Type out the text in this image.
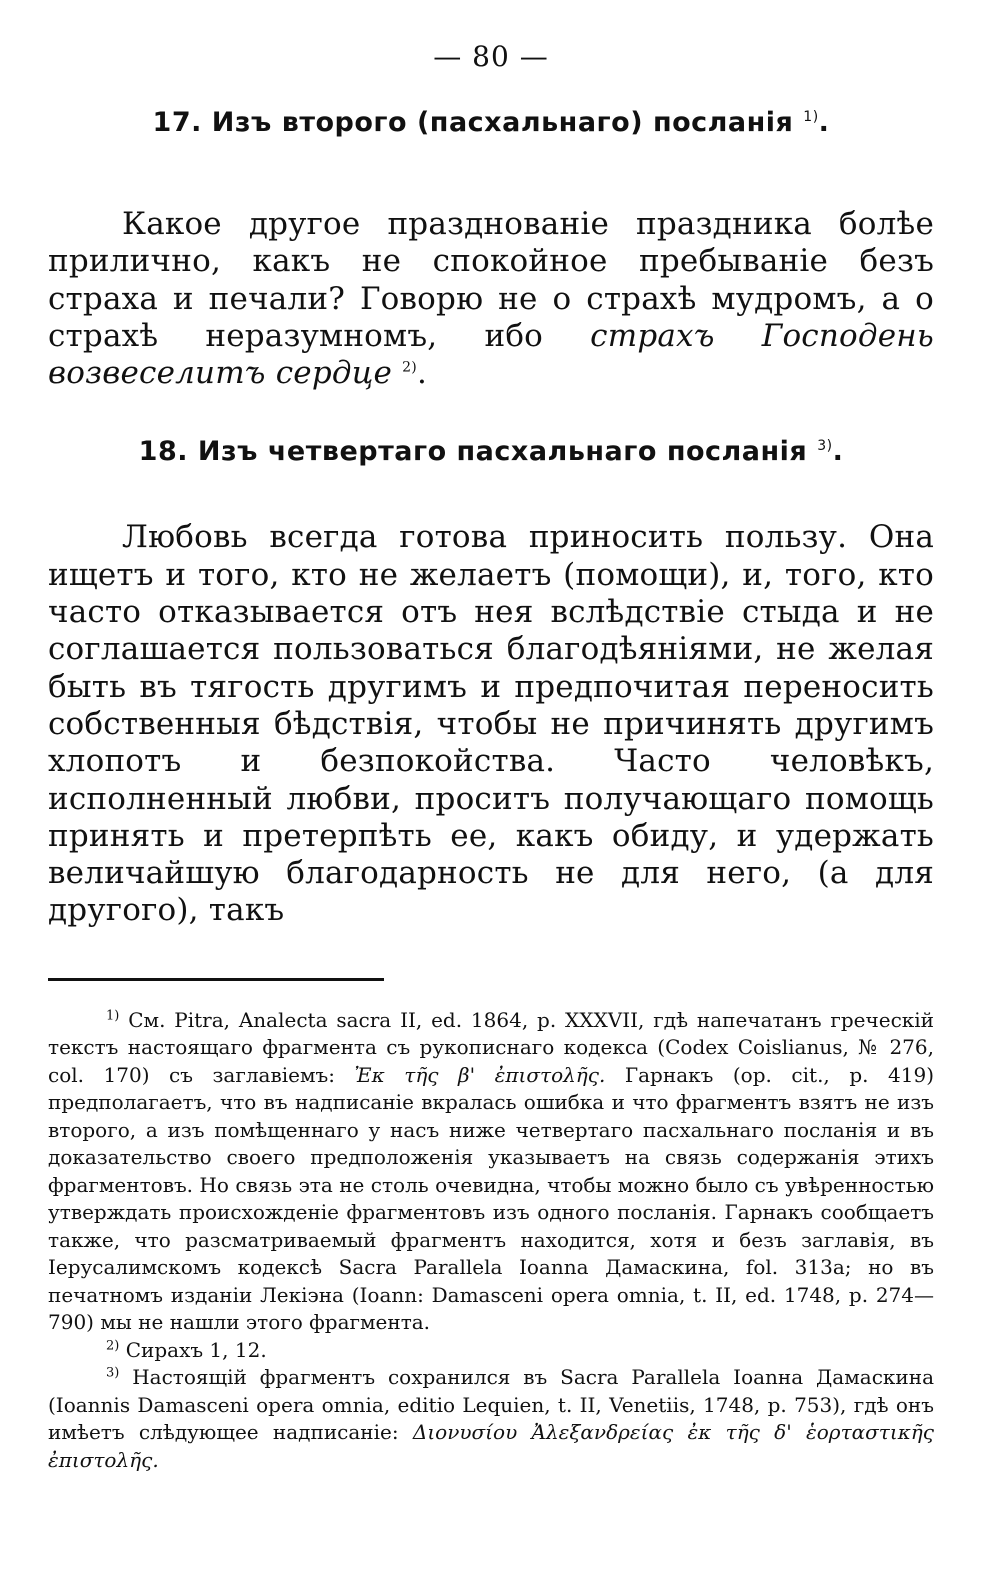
— 80 —
17. Изъ второго (пасхальнаго) посланія $^{1)}$.

Какое другое празднованіе праздника болѣе прилично, какъ не спокойное пребываніе безъ страха и печали? Говорю не о страхѣ мудромъ, а о страхѣ неразумномъ, ибо страхъ Господень возвеселитъ сердце $^{2)}$.

18. Изъ четвертаго пасхальнаго посланія $^{3)}$.

Любовь всегда готова приносить пользу. Она ищетъ и того, кто не желаетъ (помощи), и, того, кто часто отказывается отъ нея вслѣдствіе стыда и не соглашается пользоваться благодѣяніями, не желая быть въ тягость другимъ и предпочитая переносить собственныя бѣдствія, чтобы не причинять другимъ хлопотъ и безпокойства. Часто человѣкъ, исполненный любви, проситъ получающаго помощь принять и претерпѣть ее, какъ обиду, и удержать величайшую благодарность не для него, (а для другого), такъ

$^{1)}$ См. Pitra, Analecta sacra II, ed. 1864, p. XXXVII, гдѣ напечатанъ греческій текстъ настоящаго фрагмента съ рукописнаго кодекса (Codex Coislianus, № 276, col. 170) съ заглавіемъ: Ἐκ τῆς β' ἐπιστολῆς. Гарнакъ (op. cit., p. 419) предполагаетъ, что въ надписаніе вкралась ошибка и что фрагментъ взятъ не изъ второго, а изъ помѣщеннаго у насъ ниже четвертаго пасхальнаго посланія и въ доказательство своего предположенія указываетъ на связь содержанія этихъ фрагментовъ. Но связь эта не столь очевидна, чтобы можно было съ увѣренностью утверждать происхожденіе фрагментовъ изъ одного посланія. Гарнакъ сообщаетъ также, что разсматриваемый фрагментъ находится, хотя и безъ заглавія, въ Іерусалимскомъ кодексѣ Sacra Parallela Ioanna Дамаскина, fol. 313a; но въ печатномъ изданіи Лекіэна (Ioann: Damasceni opera omnia, t. II, ed. 1748, p. 274—790) мы не нашли этого фрагмента.

$^{2)}$ Сирахъ 1, 12.

$^{3)}$ Настоящій фрагментъ сохранился въ Sacra Parallela Ioanна Дамаскина (Ioannis Damasceni opera omnia, editio Lequien, t. II, Venetiis, 1748, p. 753), гдѣ онъ имѣетъ слѣдующее надписаніе: Διονυσίου Ἀλεξανδρείας ἐκ τῆς δ' ἑορταστικῆς ἐπιστολῆς.
